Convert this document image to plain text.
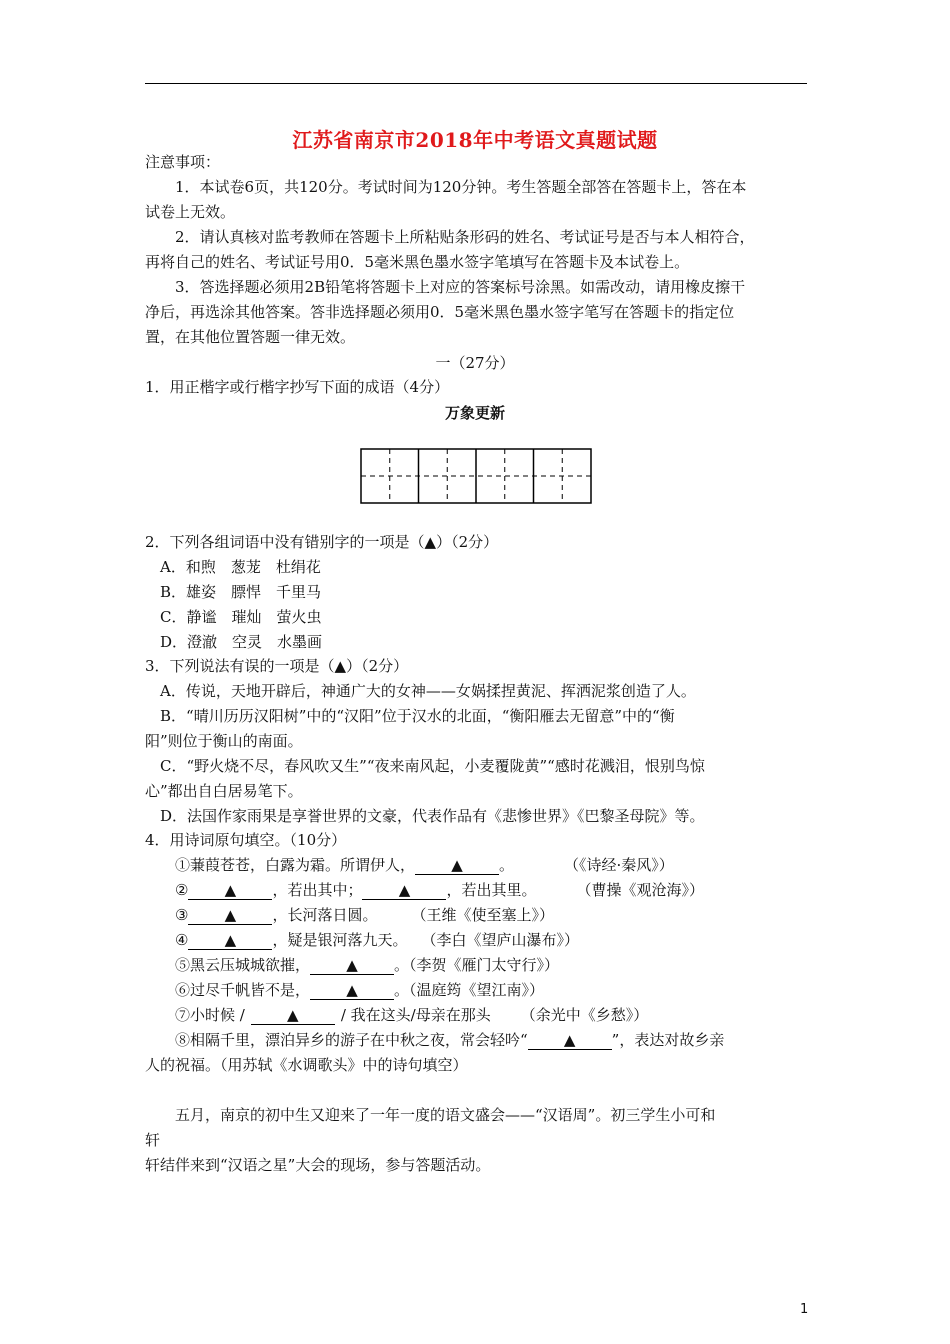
江苏省南京市2018年中考语文真题试题
注意事项：
1．本试卷6页，共120分。考试时间为120分钟。考生答题全部答在答题卡上，答在本
试卷上无效。
2．请认真核对监考教师在答题卡上所粘贴条形码的姓名、考试证号是否与本人相符合，
再将自己的姓名、考试证号用0．5毫米黑色墨水签字笔填写在答题卡及本试卷上。
3．答选择题必须用2B铅笔将答题卡上对应的答案标号涂黑。如需改动，请用橡皮擦干
净后，再选涂其他答案。答非选择题必须用0．5毫米黑色墨水签字笔写在答题卡的指定位
置，在其他位置答题一律无效。
一（27分）
1．用正楷字或行楷字抄写下面的成语（4分）
万象更新
2．下列各组词语中没有错别字的一项是（▲）（2分）
A．和煦　葱茏　杜绢花
B．雄姿　膘悍　千里马
C．静谧　璀灿　萤火虫
D．澄澈　空灵　水墨画
3．下列说法有误的一项是（▲）（2分）
A．传说，天地开辟后，神通广大的女神——女娲揉捏黄泥、挥洒泥浆创造了人。
B．“晴川历历汉阳树”中的“汉阳”位于汉水的北面，“衡阳雁去无留意”中的“衡
阳”则位于衡山的南面。
C．“野火烧不尽，春风吹又生”“夜来南风起，小麦覆陇黄”“感时花溅泪，恨别鸟惊
心”都出自白居易笔下。
D．法国作家雨果是享誉世界的文豪，代表作品有《悲惨世界》《巴黎圣母院》等。
4．用诗词原句填空。（10分）
①蒹葭苍苍，白露为霜。所谓伊人， ▲ 。	（《诗经·秦风》）
② ▲ ，若出其中； ▲ ，若出其里。	（曹操《观沧海》）
③ ▲ ，长河落日圆。 （王维《使至塞上》）
④ ▲ ，疑是银河落九天。 （李白《望庐山瀑布》）
⑤黑云压城城欲摧， ▲ 。（李贺《雁门太守行》）
⑥过尽千帆皆不是， ▲ 。（温庭筠《望江南》）
⑦小时候 /	▲	/ 我在这头/母亲在那头 （余光中《乡愁》）
⑧相隔千里，漂泊异乡的游子在中秋之夜，常会轻吟“ ▲ ”，表达对故乡亲
人的祝福。（用苏轼《水调歌头》中的诗句填空）
五月，南京的初中生又迎来了一年一度的语文盛会——“汉语周”。初三学生小可和
轩
轩结伴来到“汉语之星”大会的现场，参与答题活动。
1
